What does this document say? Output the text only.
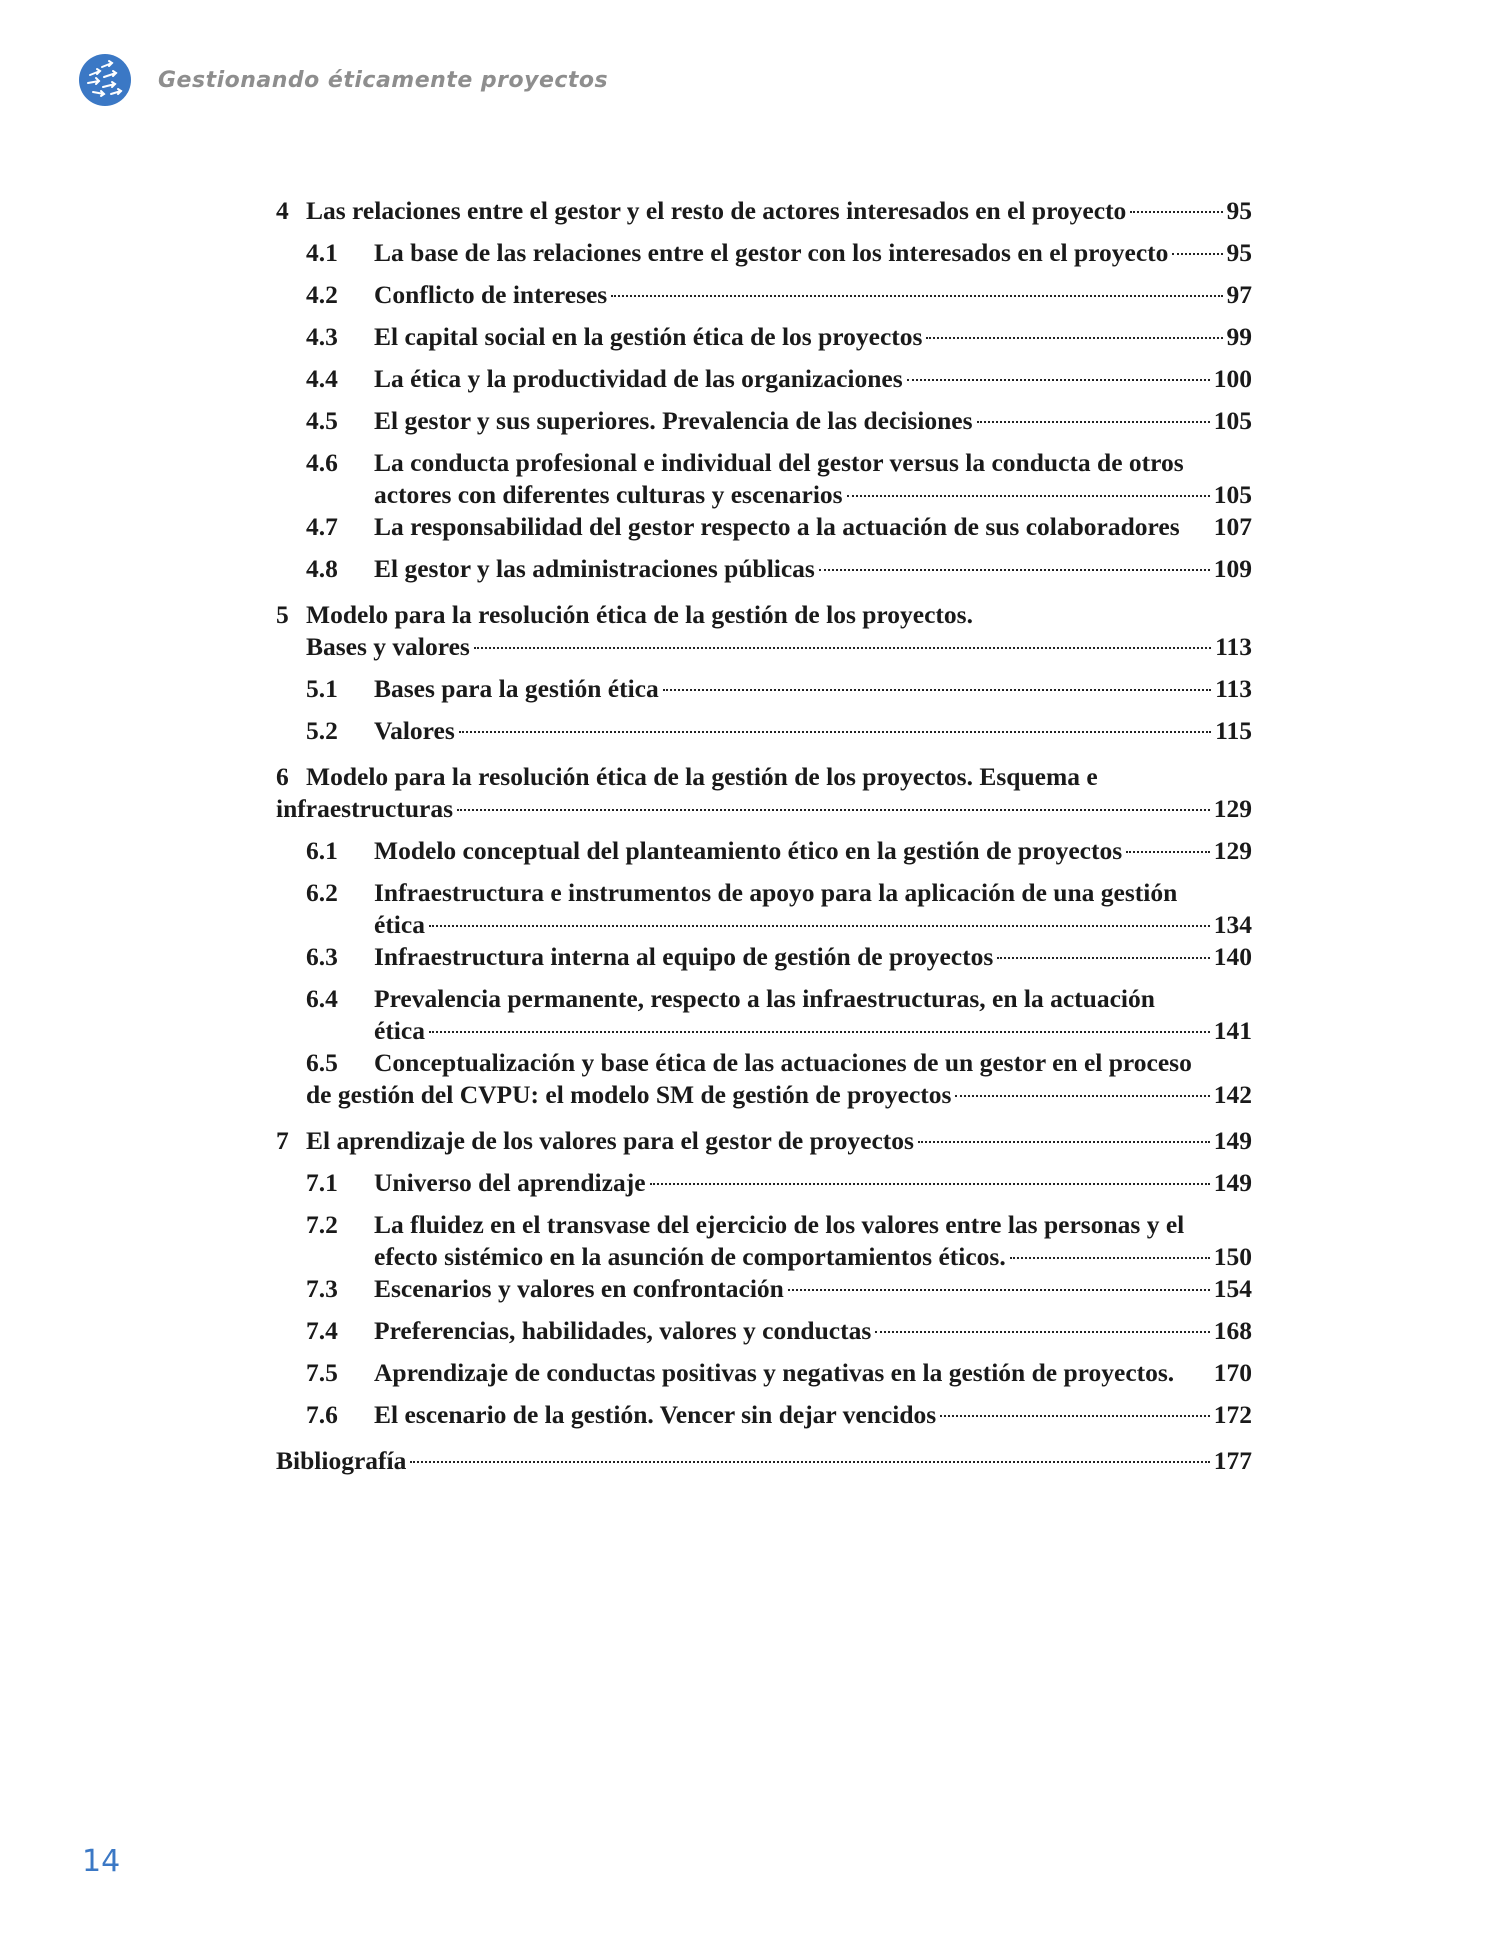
Gestionando éticamente proyectos
4 Las relaciones entre el gestor y el resto de actores interesados en el proyecto	95
4.1	La base de las relaciones entre el gestor con los interesados en el proyecto 95
4.2	Conflicto de intereses	97
4.3	El capital social en la gestión ética de los proyectos	99
4.4	La ética y la productividad de las organizaciones	100
4.5	El gestor y sus superiores. Prevalencia de las decisiones	105
4.6	La conducta profesional e individual del gestor versus la conducta de otros
actores con diferentes culturas y escenarios	105
4.7	La responsabilidad del gestor respecto a la actuación de sus colaboradores 107
4.8	El gestor y las administraciones públicas	109
5 Modelo para la resolución ética de la gestión de los proyectos.
Bases y valores	113
5.1	Bases para la gestión ética	113
5.2	Valores	115
6 Modelo para la resolución ética de la gestión de los proyectos. Esquema e
infraestructuras	129
6.1	Modelo conceptual del planteamiento ético en la gestión de proyectos	129
6.2	Infraestructura e instrumentos de apoyo para la aplicación de una gestión
ética	134
6.3	Infraestructura interna al equipo de gestión de proyectos	140
6.4	Prevalencia permanente, respecto a las infraestructuras, en la actuación
ética	141
6.5	Conceptualización y base ética de las actuaciones de un gestor en el proceso
de gestión del CVPU: el modelo SM de gestión de proyectos	142
7 El aprendizaje de los valores para el gestor de proyectos	149
7.1	Universo del aprendizaje	149
7.2	La fluidez en el transvase del ejercicio de los valores entre las personas y el
efecto sistémico en la asunción de comportamientos éticos.	150
7.3	Escenarios y valores en confrontación	154
7.4	Preferencias, habilidades, valores y conductas	168
7.5	Aprendizaje de conductas positivas y negativas en la gestión de proyectos. 170
7.6	El escenario de la gestión. Vencer sin dejar vencidos	172
Bibliografía	177
14
